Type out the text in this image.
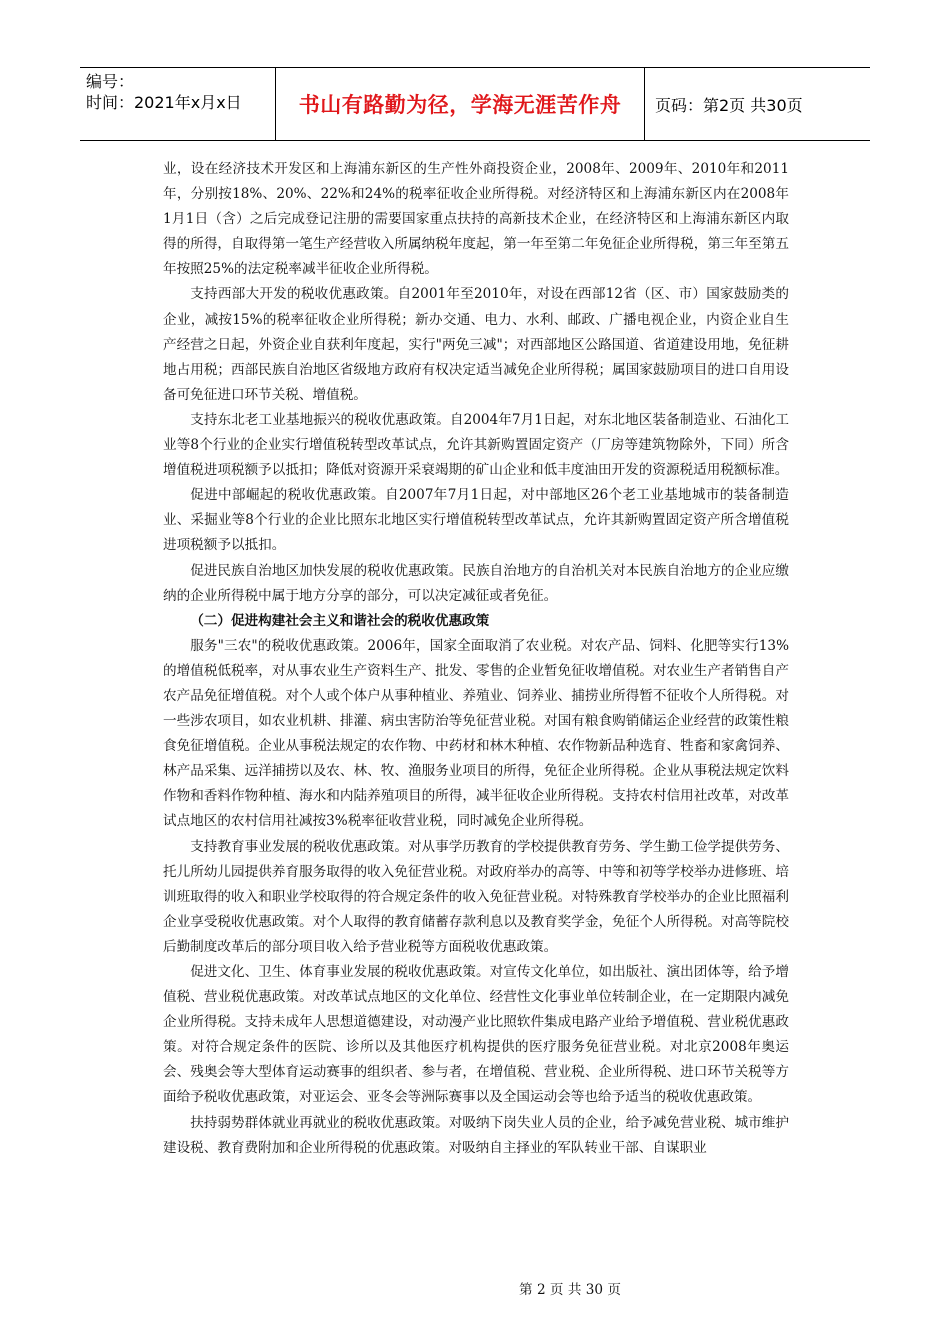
编号：
时间：2021年x月x日	书山有路勤为径，学海无涯苦作舟	页码：第2页 共30页

业，设在经济技术开发区和上海浦东新区的生产性外商投资企业，2008年、2009年、2010年和2011年，分别按18%、20%、22%和24%的税率征收企业所得税。对经济特区和上海浦东新区内在2008年1月1日（含）之后完成登记注册的需要国家重点扶持的高新技术企业，在经济特区和上海浦东新区内取得的所得，自取得第一笔生产经营收入所属纳税年度起，第一年至第二年免征企业所得税，第三年至第五年按照25%的法定税率减半征收企业所得税。

支持西部大开发的税收优惠政策。自2001年至2010年，对设在西部12省（区、市）国家鼓励类的企业，减按15%的税率征收企业所得税；新办交通、电力、水利、邮政、广播电视企业，内资企业自生产经营之日起，外资企业自获利年度起，实行"两免三减"；对西部地区公路国道、省道建设用地，免征耕地占用税；西部民族自治地区省级地方政府有权决定适当减免企业所得税；属国家鼓励项目的进口自用设备可免征进口环节关税、增值税。

支持东北老工业基地振兴的税收优惠政策。自2004年7月1日起，对东北地区装备制造业、石油化工业等8个行业的企业实行增值税转型改革试点，允许其新购置固定资产（厂房等建筑物除外，下同）所含增值税进项税额予以抵扣；降低对资源开采衰竭期的矿山企业和低丰度油田开发的资源税适用税额标准。

促进中部崛起的税收优惠政策。自2007年7月1日起，对中部地区26个老工业基地城市的装备制造业、采掘业等8个行业的企业比照东北地区实行增值税转型改革试点，允许其新购置固定资产所含增值税进项税额予以抵扣。

促进民族自治地区加快发展的税收优惠政策。民族自治地方的自治机关对本民族自治地方的企业应缴纳的企业所得税中属于地方分享的部分，可以决定减征或者免征。

（二）促进构建社会主义和谐社会的税收优惠政策

服务"三农"的税收优惠政策。2006年，国家全面取消了农业税。对农产品、饲料、化肥等实行13%的增值税低税率，对从事农业生产资料生产、批发、零售的企业暂免征收增值税。对农业生产者销售自产农产品免征增值税。对个人或个体户从事种植业、养殖业、饲养业、捕捞业所得暂不征收个人所得税。对一些涉农项目，如农业机耕、排灌、病虫害防治等免征营业税。对国有粮食购销储运企业经营的政策性粮食免征增值税。企业从事税法规定的农作物、中药材和林木种植、农作物新品种选育、牲畜和家禽饲养、林产品采集、远洋捕捞以及农、林、牧、渔服务业项目的所得，免征企业所得税。企业从事税法规定饮料作物和香料作物种植、海水和内陆养殖项目的所得，减半征收企业所得税。支持农村信用社改革，对改革试点地区的农村信用社减按3%税率征收营业税，同时减免企业所得税。

支持教育事业发展的税收优惠政策。对从事学历教育的学校提供教育劳务、学生勤工俭学提供劳务、托儿所幼儿园提供养育服务取得的收入免征营业税。对政府举办的高等、中等和初等学校举办进修班、培训班取得的收入和职业学校取得的符合规定条件的收入免征营业税。对特殊教育学校举办的企业比照福利企业享受税收优惠政策。对个人取得的教育储蓄存款利息以及教育奖学金，免征个人所得税。对高等院校后勤制度改革后的部分项目收入给予营业税等方面税收优惠政策。

促进文化、卫生、体育事业发展的税收优惠政策。对宣传文化单位，如出版社、演出团体等，给予增值税、营业税优惠政策。对改革试点地区的文化单位、经营性文化事业单位转制企业，在一定期限内减免企业所得税。支持未成年人思想道德建设，对动漫产业比照软件集成电路产业给予增值税、营业税优惠政策。对符合规定条件的医院、诊所以及其他医疗机构提供的医疗服务免征营业税。对北京2008年奥运会、残奥会等大型体育运动赛事的组织者、参与者，在增值税、营业税、企业所得税、进口环节关税等方面给予税收优惠政策，对亚运会、亚冬会等洲际赛事以及全国运动会等也给予适当的税收优惠政策。

扶持弱势群体就业再就业的税收优惠政策。对吸纳下岗失业人员的企业，给予减免营业税、城市维护建设税、教育费附加和企业所得税的优惠政策。对吸纳自主择业的军队转业干部、自谋职业

第 2 页 共 30 页
